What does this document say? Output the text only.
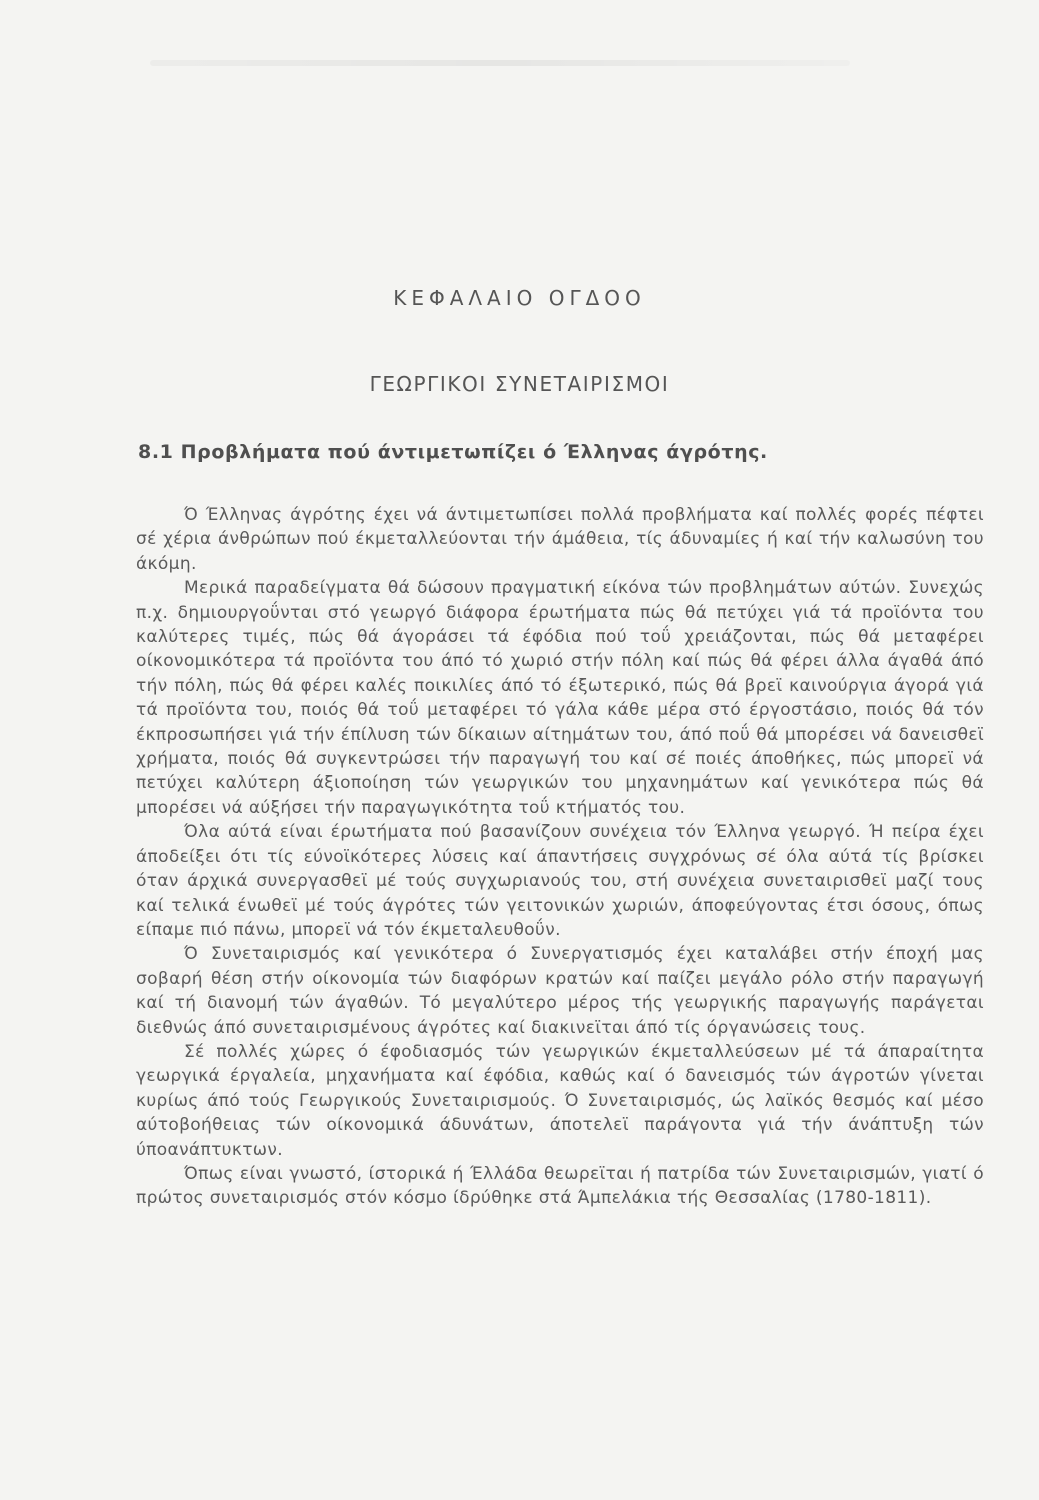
ΚΕΦΑΛΑΙΟ ΟΓΔΟΟ
ΓΕΩΡΓΙΚΟΙ ΣΥΝΕΤΑΙΡΙΣΜΟΙ
8.1 Προβλήματα πού άντιμετωπίζει ό Έλληνας άγρότης.

Ό Έλληνας άγρότης έχει νά άντιμετωπίσει πολλά προβλήματα καί πολλές φορές πέφτει σέ χέρια άνθρώπων πού έκμεταλλεύονται τήν άμάθεια, τίς άδυναμίες ή καί τήν καλωσύνη του άκόμη.

Μερικά παραδείγματα θά δώσουν πραγματική είκόνα τών προβλημάτων αύτών. Συνεχώς π.χ. δημιουργοΰνται στό γεωργό διάφορα έρωτήματα πώς θά πετύχει γιά τά προϊόντα του καλύτερες τιμές, πώς θά άγοράσει τά έφόδια πού τοΰ χρειάζονται, πώς θά μεταφέρει οίκονομικότερα τά προϊόντα του άπό τό χωριό στήν πόλη καί πώς θά φέρει άλλα άγαθά άπό τήν πόλη, πώς θά φέρει καλές ποικιλίες άπό τό έξωτερικό, πώς θά βρεϊ καινούργια άγορά γιά τά προϊόντα του, ποιός θά τοΰ μεταφέρει τό γάλα κάθε μέρα στό έργοστάσιο, ποιός θά τόν έκπροσωπήσει γιά τήν έπίλυση τών δίκαιων αίτημάτων του, άπό ποΰ θά μπορέσει νά δανεισθεϊ χρήματα, ποιός θά συγκεντρώσει τήν παραγωγή του καί σέ ποιές άποθήκες, πώς μπορεϊ νά πετύχει καλύτερη άξιοποίηση τών γεωργικών του μηχανημάτων καί γενικότερα πώς θά μπορέσει νά αύξήσει τήν παραγωγικότητα τοΰ κτήματός του.

Όλα αύτά είναι έρωτήματα πού βασανίζουν συνέχεια τόν Έλληνα γεωργό. Ή πείρα έχει άποδείξει ότι τίς εύνοϊκότερες λύσεις καί άπαντήσεις συγχρόνως σέ όλα αύτά τίς βρίσκει όταν άρχικά συνεργασθεϊ μέ τούς συγχωριανούς του, στή συνέχεια συνεταιρισθεϊ μαζί τους καί τελικά ένωθεϊ μέ τούς άγρότες τών γειτονικών χωριών, άποφεύγοντας έτσι όσους, όπως είπαμε πιό πάνω, μπορεϊ νά τόν έκμεταλευθοΰν.

Ό Συνεταιρισμός καί γενικότερα ό Συνεργατισμός έχει καταλάβει στήν έποχή μας σοβαρή θέση στήν οίκονομία τών διαφόρων κρατών καί παίζει μεγάλο ρόλο στήν παραγωγή καί τή διανομή τών άγαθών. Τό μεγαλύτερο μέρος τής γεωργικής παραγωγής παράγεται διεθνώς άπό συνεταιρισμένους άγρότες καί διακινεϊται άπό τίς όργανώσεις τους.

Σέ πολλές χώρες ό έφοδιασμός τών γεωργικών έκμεταλλεύσεων μέ τά άπαραίτητα γεωργικά έργαλεία, μηχανήματα καί έφόδια, καθώς καί ό δανεισμός τών άγροτών γίνεται κυρίως άπό τούς Γεωργικούς Συνεταιρισμούς. Ό Συνεταιρισμός, ώς λαϊκός θεσμός καί μέσο αύτοβοήθειας τών οίκονομικά άδυνάτων, άποτελεϊ παράγοντα γιά τήν άνάπτυξη τών ύποανάπτυκτων.

Όπως είναι γνωστό, ίστορικά ή Έλλάδα θεωρεϊται ή πατρίδα τών Συνεταιρισμών, γιατί ό πρώτος συνεταιρισμός στόν κόσμο ίδρύθηκε στά Άμπελάκια τής Θεσσαλίας (1780-1811).
